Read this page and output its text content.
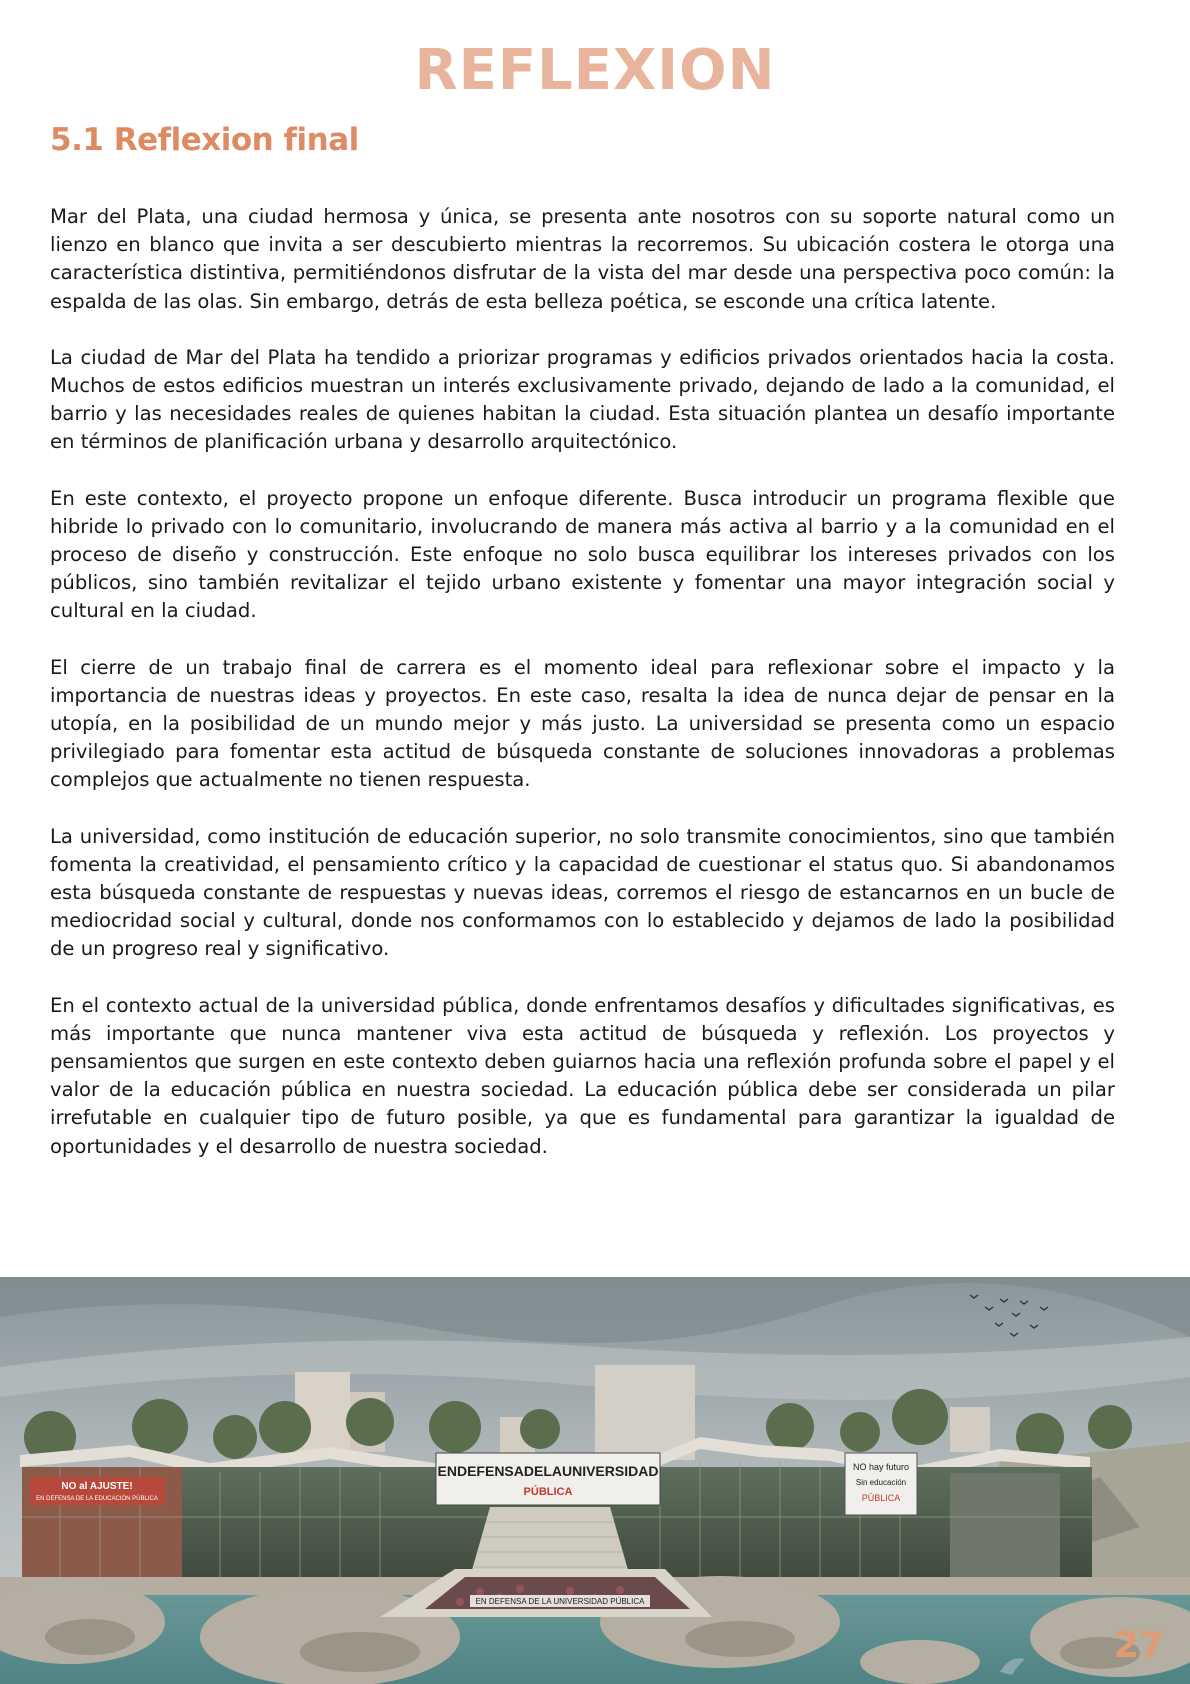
REFLEXION
5.1 Reflexion final

Mar del Plata, una ciudad hermosa y única, se presenta ante nosotros con su soporte natural como un lienzo en blanco que invita a ser descubierto mientras la recorremos. Su ubicación costera le otorga una característica distintiva, permitiéndonos disfrutar de la vista del mar desde una perspectiva poco común: la espalda de las olas. Sin embargo, detrás de esta belleza poética, se esconde una crítica latente.

La ciudad de Mar del Plata ha tendido a priorizar programas y edificios privados orientados hacia la costa. Muchos de estos edificios muestran un interés exclusivamente privado, dejando de lado a la comunidad, el barrio y las necesidades reales de quienes habitan la ciudad. Esta situación plantea un desafío importante en términos de planificación urbana y desarrollo arquitectónico.

En este contexto, el proyecto propone un enfoque diferente. Busca introducir un programa flexible que hibride lo privado con lo comunitario, involucrando de manera más activa al barrio y a la comunidad en el proceso de diseño y construcción. Este enfoque no solo busca equilibrar los intereses privados con los públicos, sino también revitalizar el tejido urbano existente y fomentar una mayor integración social y cultural en la ciudad.

El cierre de un trabajo final de carrera es el momento ideal para reflexionar sobre el impacto y la importancia de nuestras ideas y proyectos. En este caso, resalta la idea de nunca dejar de pensar en la utopía, en la posibilidad de un mundo mejor y más justo. La universidad se presenta como un espacio privilegiado para fomentar esta actitud de búsqueda constante de soluciones innovadoras a problemas complejos que actualmente no tienen respuesta.

La universidad, como institución de educación superior, no solo transmite conocimientos, sino que también fomenta la creatividad, el pensamiento crítico y la capacidad de cuestionar el status quo. Si abandonamos esta búsqueda constante de respuestas y nuevas ideas, corremos el riesgo de estancarnos en un bucle de mediocridad social y cultural, donde nos conformamos con lo establecido y dejamos de lado la posibilidad de un progreso real y significativo.

En el contexto actual de la universidad pública, donde enfrentamos desafíos y dificultades significativas, es más importante que nunca mantener viva esta actitud de búsqueda y reflexión. Los proyectos y pensamientos que surgen en este contexto deben guiarnos hacia una reflexión profunda sobre el papel y el valor de la educación pública en nuestra sociedad. La educación pública debe ser considerada un pilar irrefutable en cualquier tipo de futuro posible, ya que es fundamental para garantizar la igualdad de oportunidades y el desarrollo de nuestra sociedad.

ENDEFENSADELAUNIVERSIDAD
PÚBLICA
NO al AJUSTE!
EN DEFENSA DE LA EDUCACIÓN PÚBLICA
NO hay futuro
Sin educación
PÚBLICA
EN DEFENSA DE LA UNIVERSIDAD PÚBLICA
27
